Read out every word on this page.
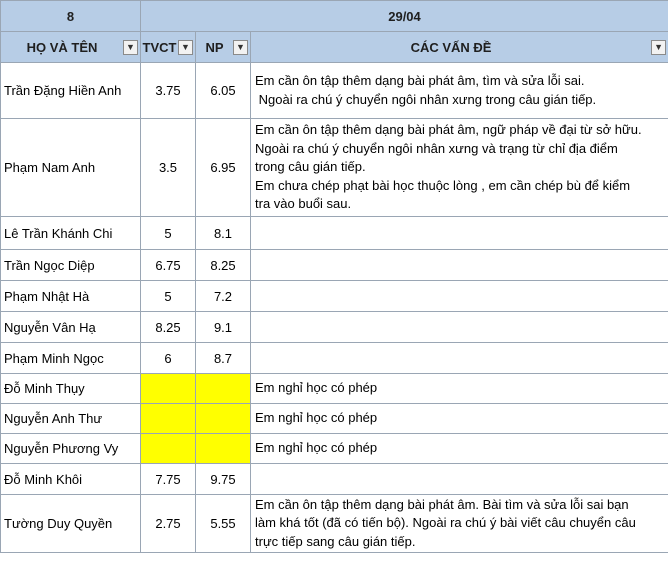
8	29/04		

HỌ VÀ TÊN ▼	TVCT ▼	NP ▼	CÁC VẤN ĐỀ ▼

Trần Đặng Hiền Anh	3.75	6.05	Em cần ôn tập thêm dạng bài phát âm, tìm và sửa lỗi sai.
Ngoài ra chú ý chuyển ngôi nhân xưng trong câu gián tiếp.

Phạm Nam Anh	3.5	6.95	Em cần ôn tập thêm dạng bài phát âm, ngữ pháp về đại từ sở hữu.
Ngoài ra chú ý chuyển ngôi nhân xưng và trạng từ chỉ địa điểm
trong câu gián tiếp.
Em chưa chép phạt bài học thuộc lòng , em cần chép bù để kiểm
tra vào buổi sau.

Lê Trần Khánh Chi	5	8.1	
Trần Ngọc Diệp	6.75	8.25	
Phạm Nhật Hà	5	7.2	
Nguyễn Vân Hạ	8.25	9.1	
Phạm Minh Ngọc	6	8.7	
Đỗ Minh Thụy			Em nghỉ học có phép

Nguyễn Anh Thư			Em nghỉ học có phép

Nguyễn Phương Vy			Em nghỉ học có phép

Đỗ Minh Khôi	7.75	9.75	
Tường Duy Quyền	2.75	5.55	Em cần ôn tập thêm dạng bài phát âm. Bài tìm và sửa lỗi sai bạn
làm khá tốt (đã có tiến bộ). Ngoài ra chú ý bài viết câu chuyển câu
trực tiếp sang câu gián tiếp.
